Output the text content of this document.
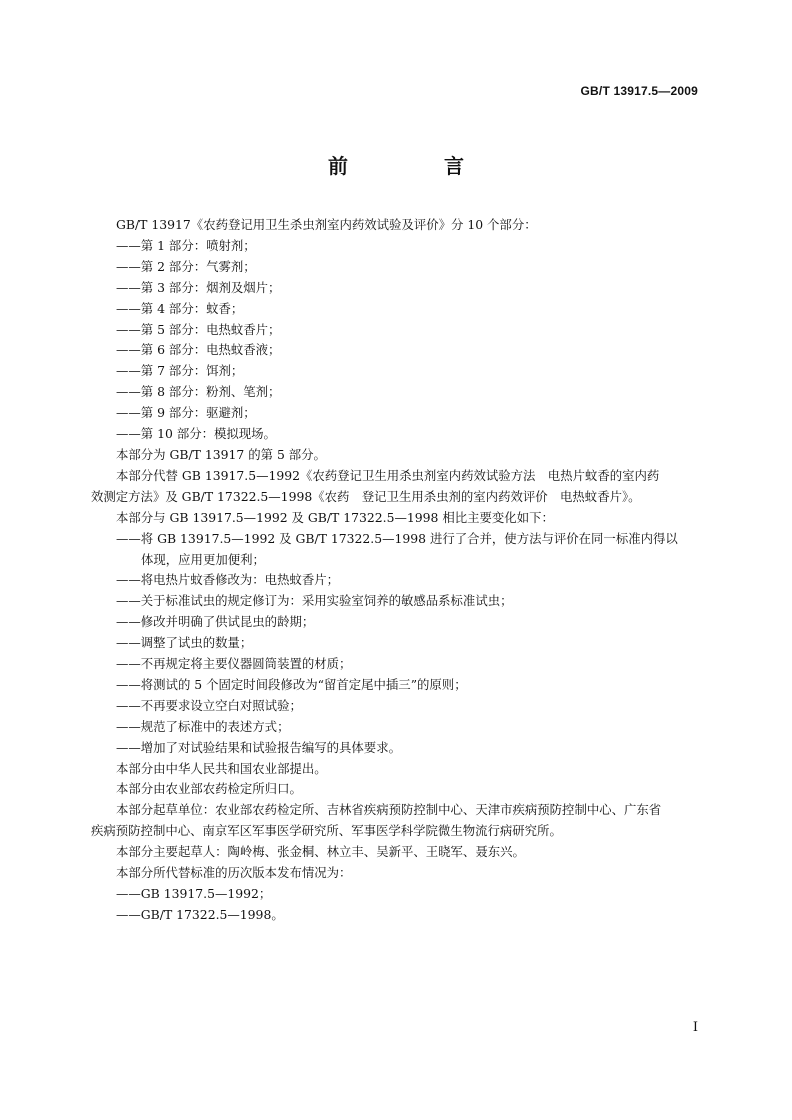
GB/T 13917.5—2009
前　言

GB/T 13917《农药登记用卫生杀虫剂室内药效试验及评价》分 10 个部分：

——第 1 部分：喷射剂；

——第 2 部分：气雾剂；

——第 3 部分：烟剂及烟片；

——第 4 部分：蚊香；

——第 5 部分：电热蚊香片；

——第 6 部分：电热蚊香液；

——第 7 部分：饵剂；

——第 8 部分：粉剂、笔剂；

——第 9 部分：驱避剂；

——第 10 部分：模拟现场。

本部分为 GB/T 13917 的第 5 部分。

本部分代替 GB 13917.5—1992《农药登记卫生用杀虫剂室内药效试验方法　电热片蚊香的室内药

效测定方法》及 GB/T 17322.5—1998《农药　登记卫生用杀虫剂的室内药效评价　电热蚊香片》。

本部分与 GB 13917.5—1992 及 GB/T 17322.5—1998 相比主要变化如下：

——将 GB 13917.5—1992 及 GB/T 17322.5—1998 进行了合并，使方法与评价在同一标准内得以
体现，应用更加便利；

——将电热片蚊香修改为：电热蚊香片；

——关于标准试虫的规定修订为：采用实验室饲养的敏感品系标准试虫；

——修改并明确了供试昆虫的龄期；

——调整了试虫的数量；

——不再规定将主要仪器圆筒装置的材质；

——将测试的 5 个固定时间段修改为“留首定尾中插三”的原则；

——不再要求设立空白对照试验；

——规范了标准中的表述方式；

——增加了对试验结果和试验报告编写的具体要求。

本部分由中华人民共和国农业部提出。

本部分由农业部农药检定所归口。

本部分起草单位：农业部农药检定所、吉林省疾病预防控制中心、天津市疾病预防控制中心、广东省

疾病预防控制中心、南京军区军事医学研究所、军事医学科学院微生物流行病研究所。

本部分主要起草人：陶岭梅、张金桐、林立丰、吴新平、王晓军、聂东兴。

本部分所代替标准的历次版本发布情况为：

——GB 13917.5—1992；

——GB/T 17322.5—1998。

I
